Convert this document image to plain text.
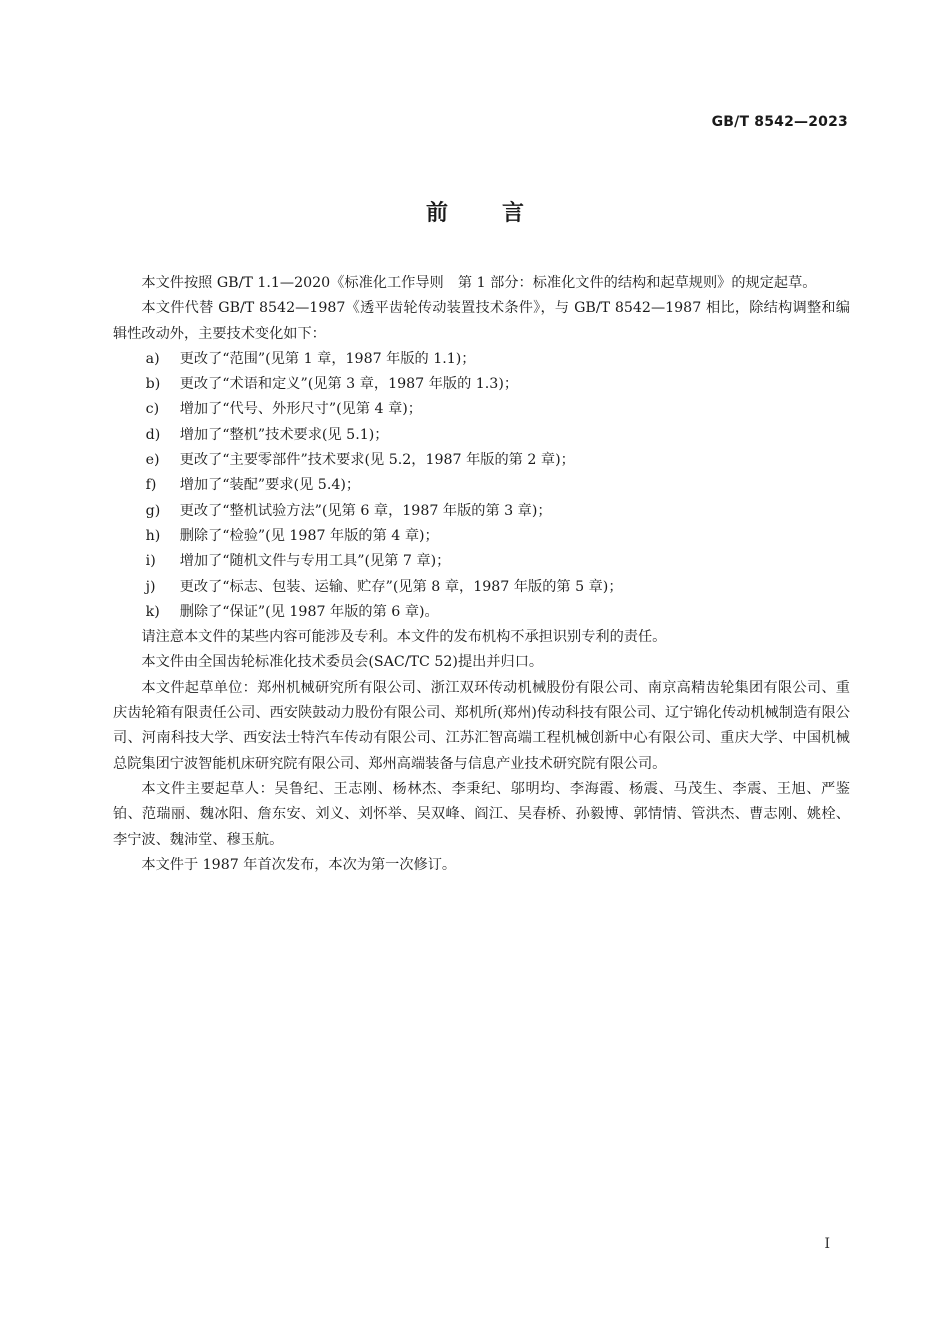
GB/T 8542—2023
前言

本文件按照 GB/T 1.1—2020《标准化工作导则　第 1 部分：标准化文件的结构和起草规则》的规定起草。

本文件代替 GB/T 8542—1987《透平齿轮传动装置技术条件》，与 GB/T 8542—1987 相比，除结构调整和编辑性改动外，主要技术变化如下：

a)	更改了“范围”(见第 1 章，1987 年版的 1.1)；
b)	更改了“术语和定义”(见第 3 章，1987 年版的 1.3)；
c)	增加了“代号、外形尺寸”(见第 4 章)；
d)	增加了“整机”技术要求(见 5.1)；
e)	更改了“主要零部件”技术要求(见 5.2，1987 年版的第 2 章)；
f)	增加了“装配”要求(见 5.4)；
g)	更改了“整机试验方法”(见第 6 章，1987 年版的第 3 章)；
h)	删除了“检验”(见 1987 年版的第 4 章)；
i)	增加了“随机文件与专用工具”(见第 7 章)；
j)	更改了“标志、包装、运输、贮存”(见第 8 章，1987 年版的第 5 章)；
k)	删除了“保证”(见 1987 年版的第 6 章)。

请注意本文件的某些内容可能涉及专利。本文件的发布机构不承担识别专利的责任。

本文件由全国齿轮标准化技术委员会(SAC/TC 52)提出并归口。

本文件起草单位：郑州机械研究所有限公司、浙江双环传动机械股份有限公司、南京高精齿轮集团有限公司、重庆齿轮箱有限责任公司、西安陕鼓动力股份有限公司、郑机所(郑州)传动科技有限公司、辽宁锦化传动机械制造有限公司、河南科技大学、西安法士特汽车传动有限公司、江苏汇智高端工程机械创新中心有限公司、重庆大学、中国机械总院集团宁波智能机床研究院有限公司、郑州高端装备与信息产业技术研究院有限公司。

本文件主要起草人：吴鲁纪、王志刚、杨林杰、李秉纪、邬明均、李海霞、杨震、马茂生、李震、王旭、严鉴铂、范瑞丽、魏冰阳、詹东安、刘义、刘怀举、吴双峰、阎江、吴春桥、孙毅博、郭情情、管洪杰、曹志刚、姚栓、李宁波、魏沛堂、穆玉航。

本文件于 1987 年首次发布，本次为第一次修订。

I
